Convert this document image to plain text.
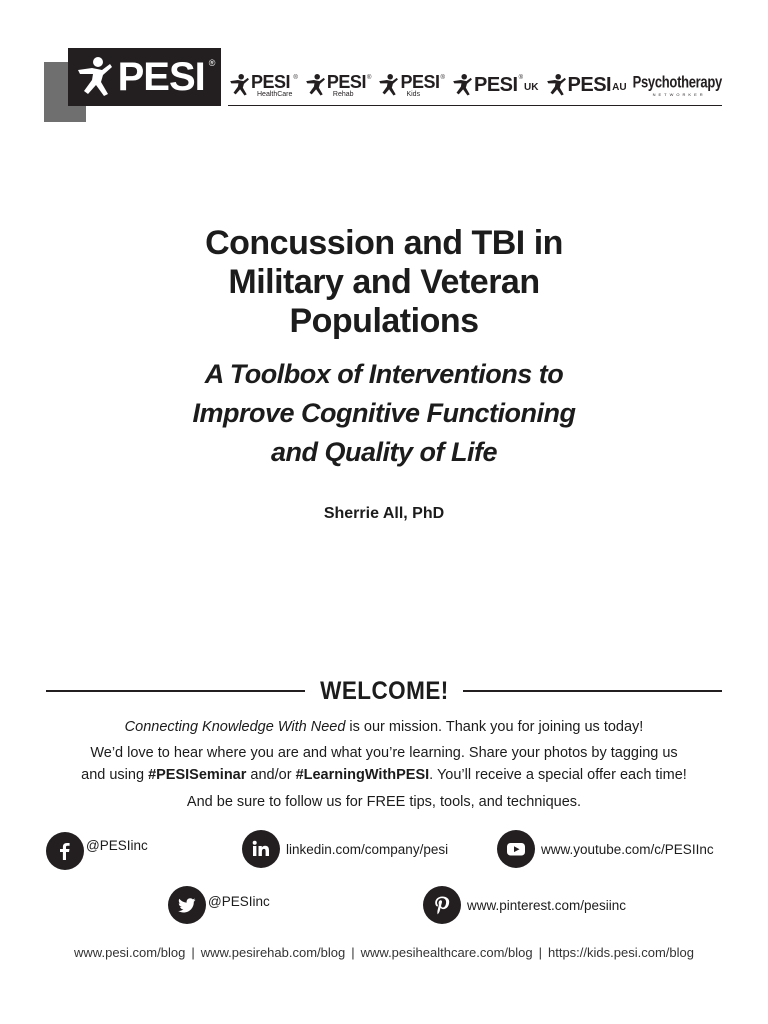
PESI ®
PESI
HealthCare
® PESI
Rehab
® PESI
Kids
® PESI ®
UK PESI AU Psychotherapy
NETWORKER
Concussion and TBI in
Military and Veteran
Populations
A Toolbox of Interventions to
Improve Cognitive Functioning
and Quality of Life

Sherrie All, PhD

WELCOME!

Connecting Knowledge With Need is our mission. Thank you for joining us today!

We’d love to hear where you are and what you’re learning. Share your photos by tagging us
and using #PESISeminar and/or #LearningWithPESI. You’ll receive a special offer each time!

And be sure to follow us for FREE tips, tools, and techniques.

@PESIinc	linkedin.com/company/pesi	www.youtube.com/c/PESIInc
@PESIinc	www.pinterest.com/pesiinc
www.pesi.com/blog | www.pesirehab.com/blog | www.pesihealthcare.com/blog | https://kids.pesi.com/blog
